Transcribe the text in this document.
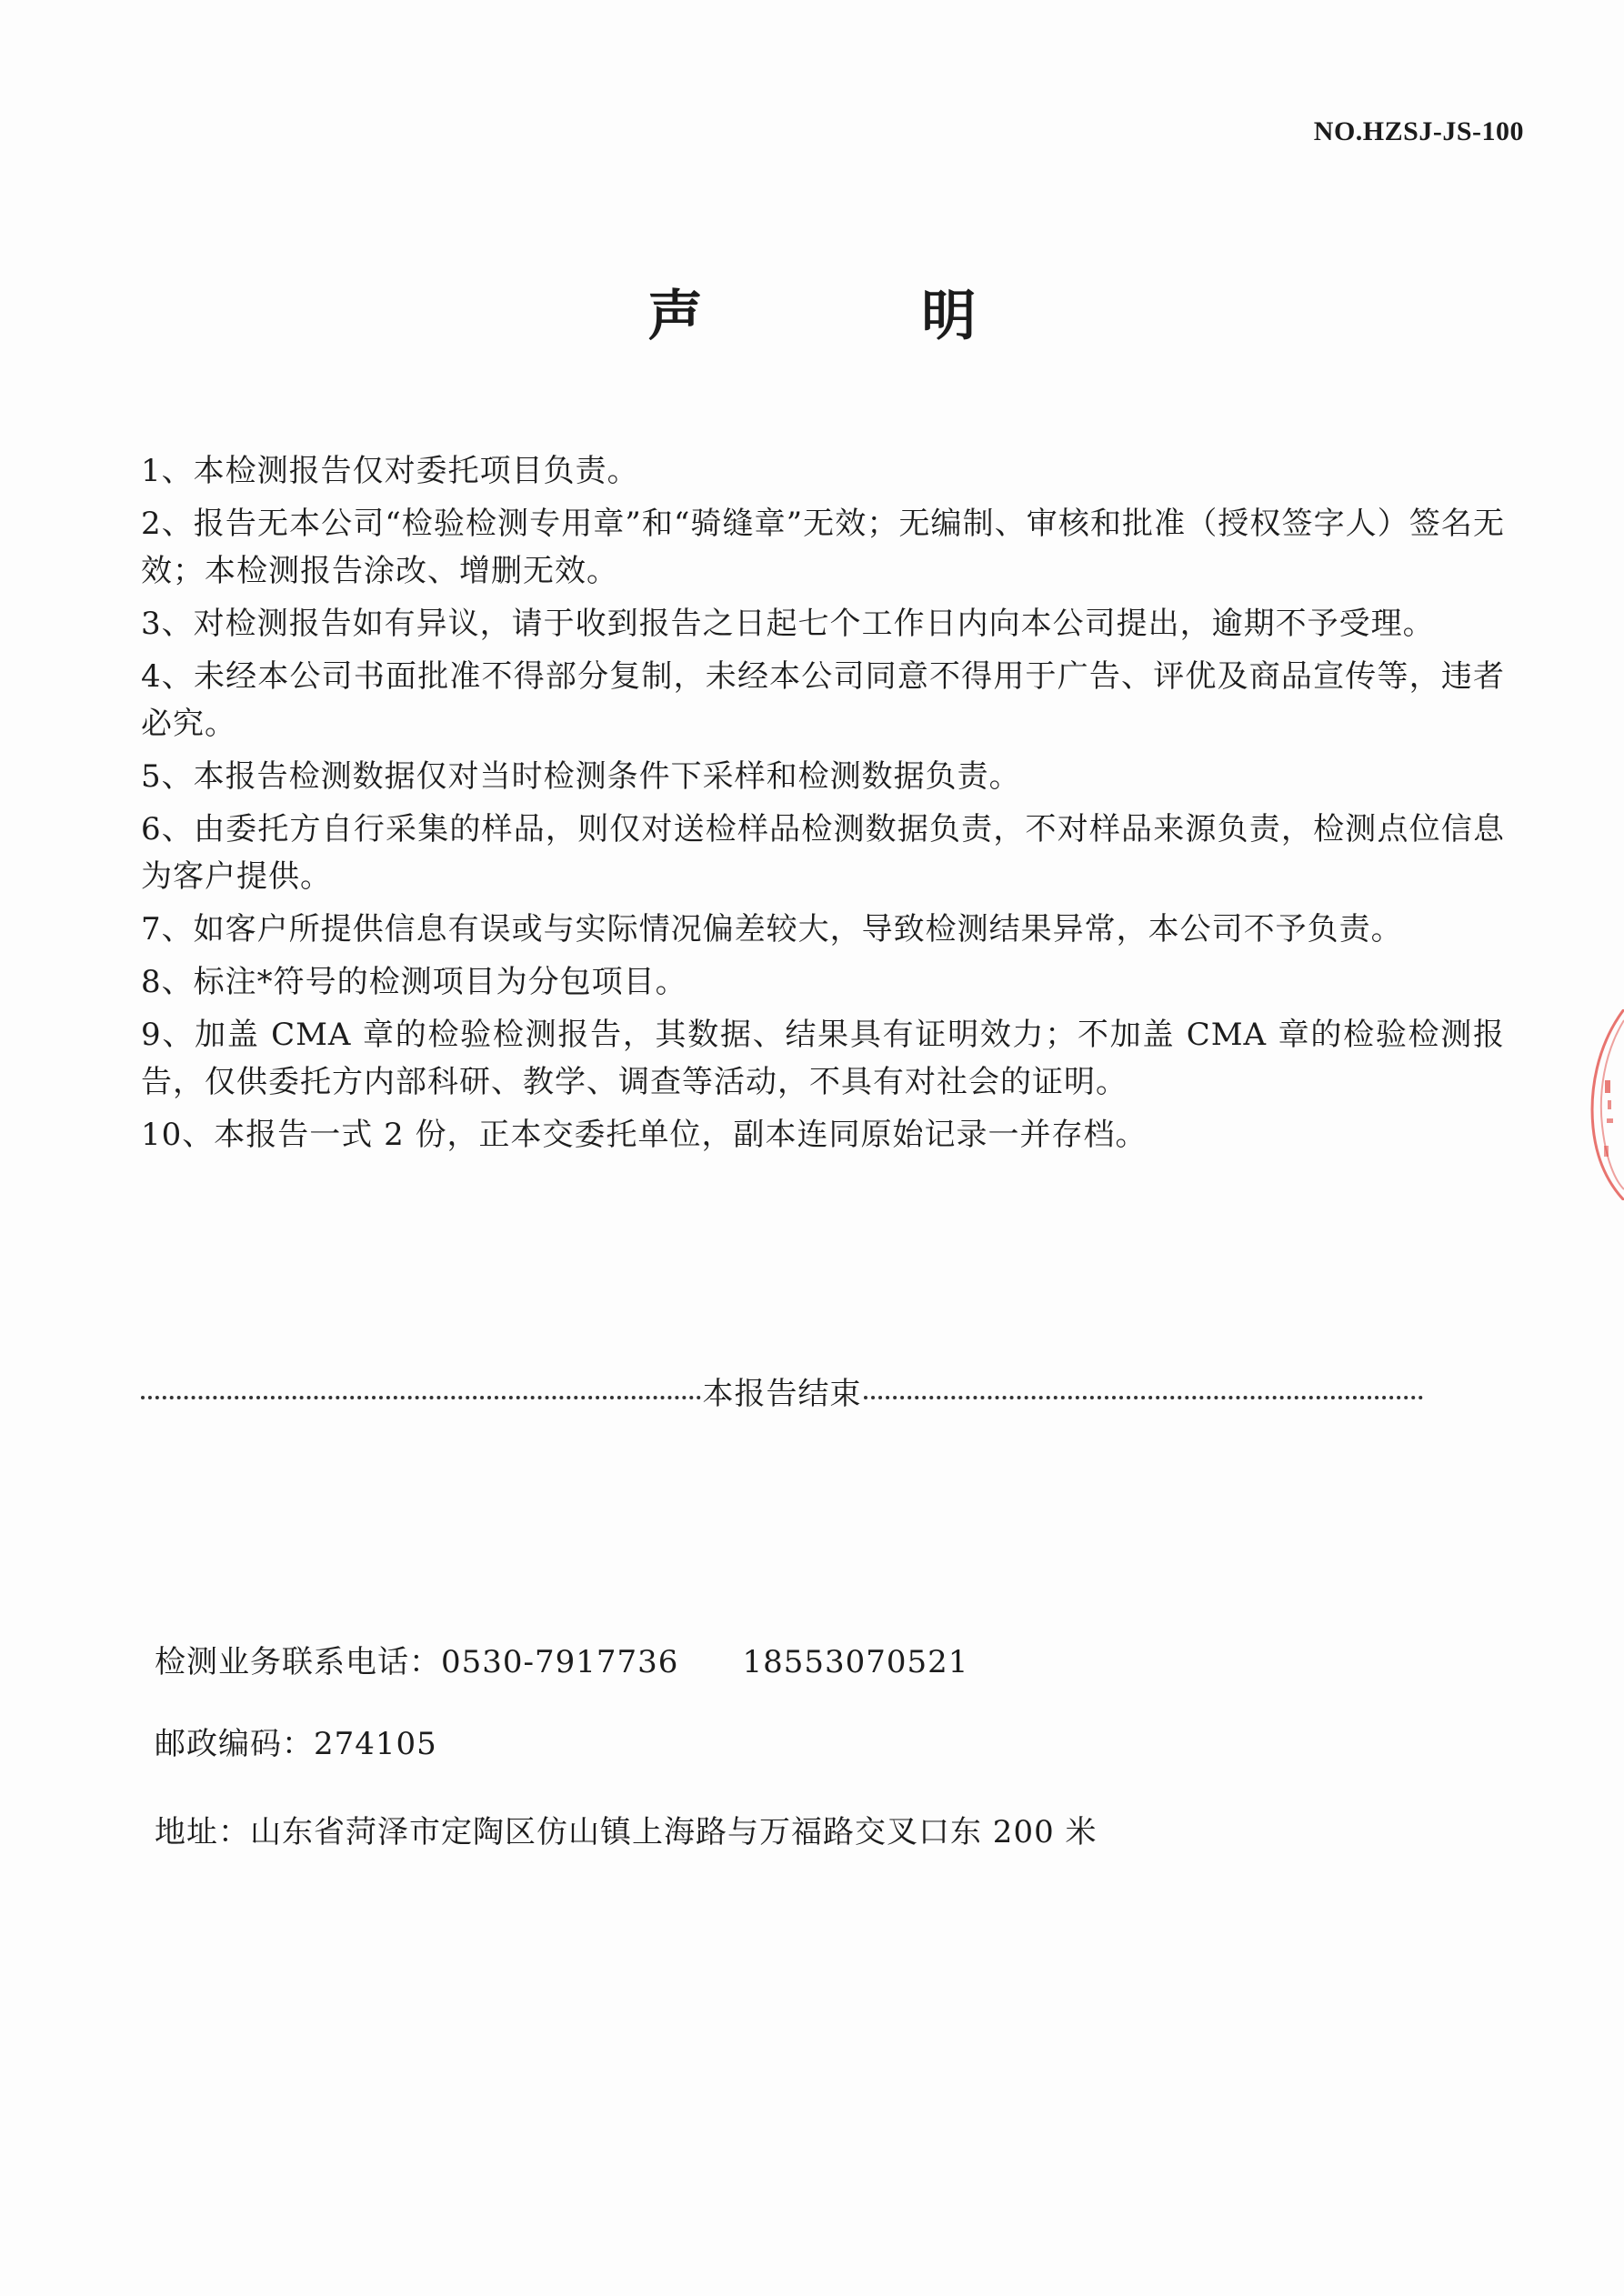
NO.HZSJ-JS-100
声 明
1、本检测报告仅对委托项目负责。
2、报告无本公司“检验检测专用章”和“骑缝章”无效；无编制、审核和批准（授权签字人）签名无效；本检测报告涂改、增删无效。
3、对检测报告如有异议，请于收到报告之日起七个工作日内向本公司提出，逾期不予受理。
4、未经本公司书面批准不得部分复制，未经本公司同意不得用于广告、评优及商品宣传等，违者必究。
5、本报告检测数据仅对当时检测条件下采样和检测数据负责。
6、由委托方自行采集的样品，则仅对送检样品检测数据负责，不对样品来源负责，检测点位信息为客户提供。
7、如客户所提供信息有误或与实际情况偏差较大，导致检测结果异常，本公司不予负责。
8、标注*符号的检测项目为分包项目。
9、加盖 CMA 章的检验检测报告，其数据、结果具有证明效力；不加盖 CMA 章的检验检测报告，仅供委托方内部科研、教学、调查等活动，不具有对社会的证明。
10、本报告一式 2 份，正本交委托单位，副本连同原始记录一并存档。
本报告结束
检测业务联系电话：0530-7917736 18553070521
邮政编码：274105
地址：山东省菏泽市定陶区仿山镇上海路与万福路交叉口东 200 米
